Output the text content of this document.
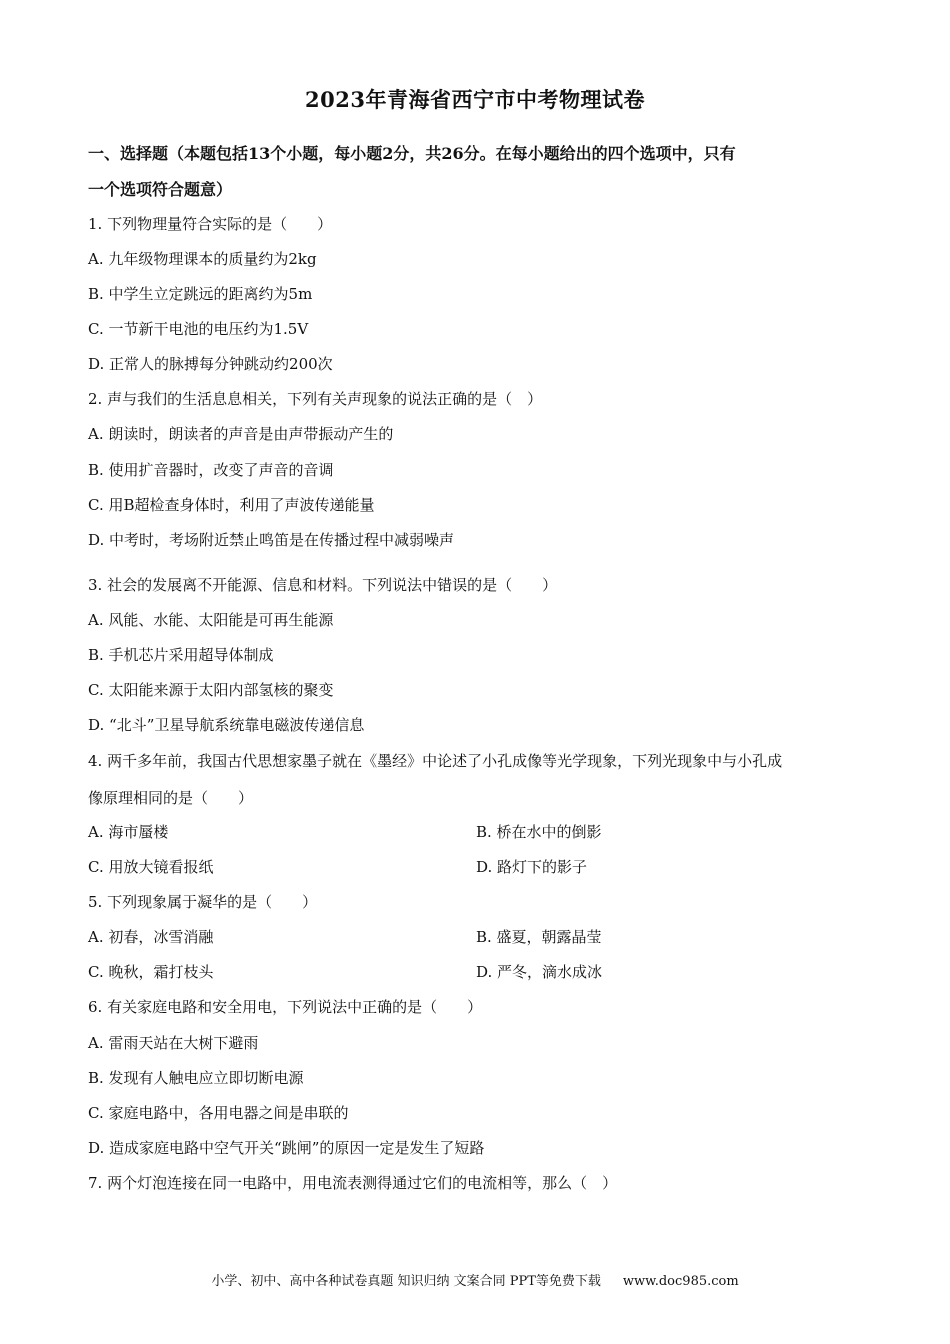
2023年青海省西宁市中考物理试卷
一、选择题（本题包括13个小题，每小题2分，共26分。在每小题给出的四个选项中，只有
一个选项符合题意）
1. 下列物理量符合实际的是（　　）
A. 九年级物理课本的质量约为2kg
B. 中学生立定跳远的距离约为5m
C. 一节新干电池的电压约为1.5V
D. 正常人的脉搏每分钟跳动约200次
2. 声与我们的生活息息相关，下列有关声现象的说法正确的是（　）
A. 朗读时，朗读者的声音是由声带振动产生的
B. 使用扩音器时，改变了声音的音调
C. 用B超检查身体时，利用了声波传递能量
D. 中考时，考场附近禁止鸣笛是在传播过程中减弱噪声
3. 社会的发展离不开能源、信息和材料。下列说法中错误的是（　　）
A. 风能、水能、太阳能是可再生能源
B. 手机芯片采用超导体制成
C. 太阳能来源于太阳内部氢核的聚变
D. “北斗”卫星导航系统靠电磁波传递信息
4. 两千多年前，我国古代思想家墨子就在《墨经》中论述了小孔成像等光学现象，下列光现象中与小孔成
像原理相同的是（　　）
A. 海市蜃楼	B. 桥在水中的倒影
C. 用放大镜看报纸	D. 路灯下的影子
5. 下列现象属于凝华的是（　　）
A. 初春，冰雪消融	B. 盛夏，朝露晶莹
C. 晚秋，霜打枝头	D. 严冬，滴水成冰
6. 有关家庭电路和安全用电，下列说法中正确的是（　　）
A. 雷雨天站在大树下避雨
B. 发现有人触电应立即切断电源
C. 家庭电路中，各用电器之间是串联的
D. 造成家庭电路中空气开关“跳闸”的原因一定是发生了短路
7. 两个灯泡连接在同一电路中，用电流表测得通过它们的电流相等，那么（　）
小学、初中、高中各种试卷真题 知识归纳 文案合同 PPT等免费下载 www.doc985.com
